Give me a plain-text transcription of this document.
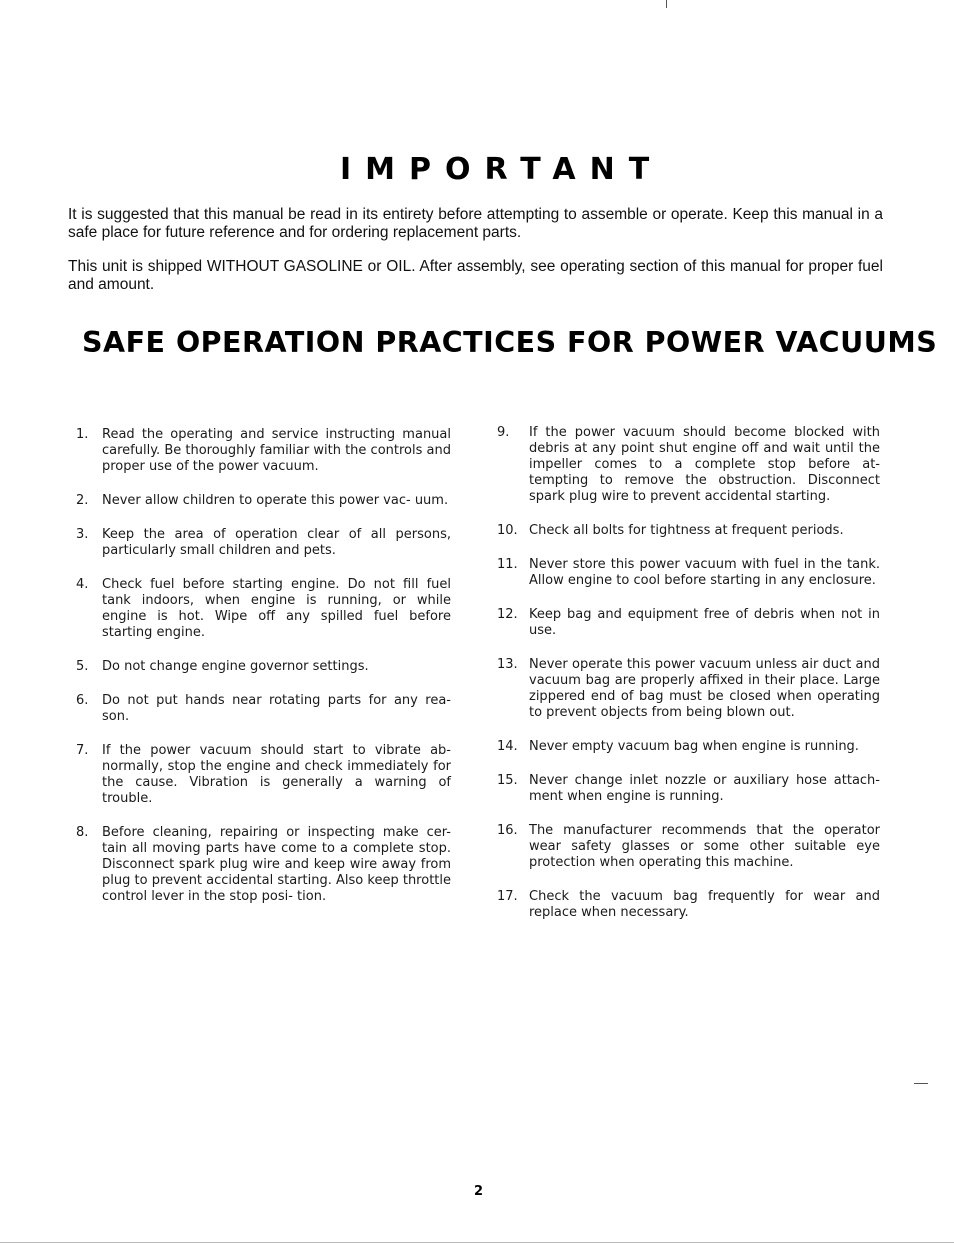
IMPORTANT

It is suggested that this manual be read in its entirety before attempting to assemble or operate. Keep this manual in a safe place for future reference and for ordering replacement parts.

This unit is shipped WITHOUT GASOLINE or OIL. After assembly, see operating section of this manual for proper fuel and amount.

SAFE OPERATION PRACTICES FOR POWER VACUUMS
1. Read the operating and service instructing manual carefully. Be thoroughly familiar with the controls and proper use of the power vacuum.
2. Never allow children to operate this power vac- uum.
3. Keep the area of operation clear of all persons, particularly small children and pets.
4. Check fuel before starting engine. Do not fill fuel tank indoors, when engine is running, or while engine is hot. Wipe off any spilled fuel before starting engine.
5. Do not change engine governor settings.
6. Do not put hands near rotating parts for any rea- son.
7. If the power vacuum should start to vibrate ab- normally, stop the engine and check immediately for the cause. Vibration is generally a warning of trouble.
8. Before cleaning, repairing or inspecting make cer- tain all moving parts have come to a complete stop. Disconnect spark plug wire and keep wire away from plug to prevent accidental starting. Also keep throttle control lever in the stop posi- tion.
9. If the power vacuum should become blocked with debris at any point shut engine off and wait until the impeller comes to a complete stop before at- tempting to remove the obstruction. Disconnect spark plug wire to prevent accidental starting.
10. Check all bolts for tightness at frequent periods.
11. Never store this power vacuum with fuel in the tank. Allow engine to cool before starting in any enclosure.
12. Keep bag and equipment free of debris when not in use.
13. Never operate this power vacuum unless air duct and vacuum bag are properly affixed in their place. Large zippered end of bag must be closed when operating to prevent objects from being blown out.
14. Never empty vacuum bag when engine is running.
15. Never change inlet nozzle or auxiliary hose attach- ment when engine is running.
16. The manufacturer recommends that the operator wear safety glasses or some other suitable eye protection when operating this machine.
17. Check the vacuum bag frequently for wear and replace when necessary.
2
